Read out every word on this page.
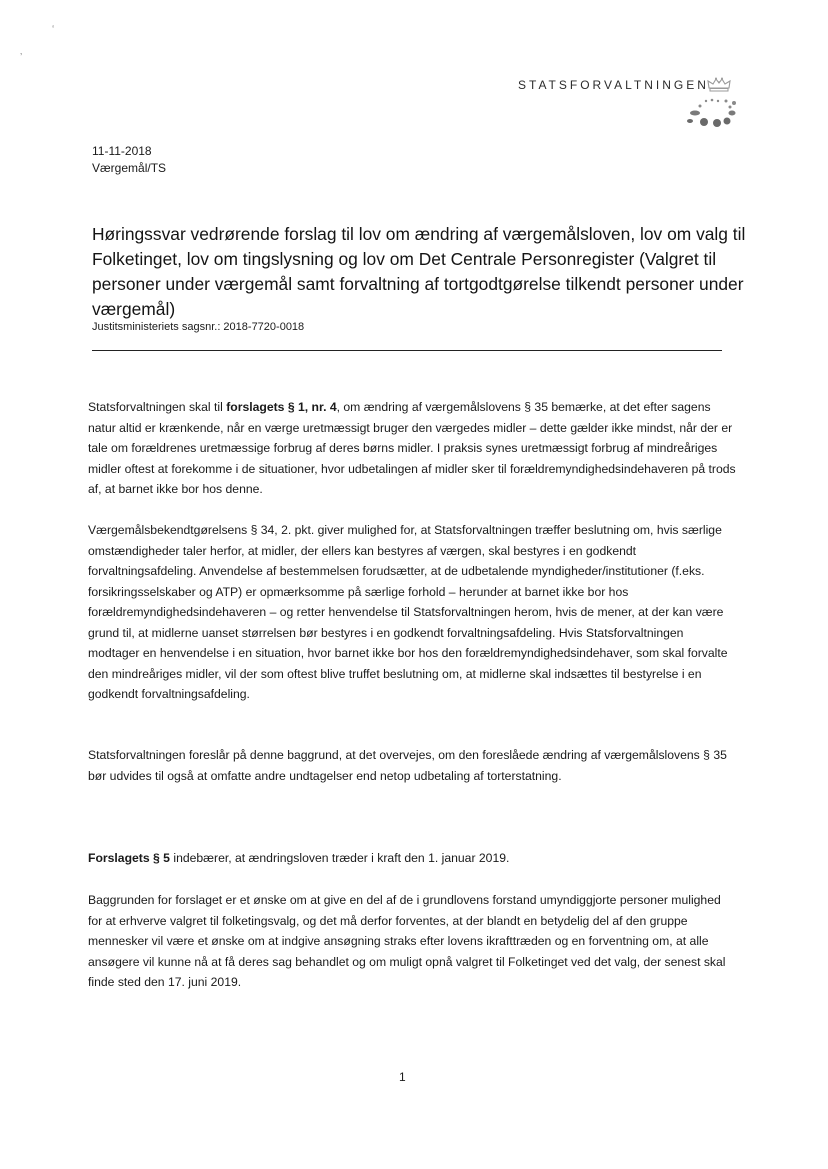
‘
’
STATSFORVALTNINGEN
11-11-2018
Værgemål/TS
Høringssvar vedrørende forslag til lov om ændring af værgemålsloven, lov om valg til Folketinget, lov om tingslysning og lov om Det Centrale Personregister (Valgret til personer under værgemål samt forvaltning af tortgodtgørelse tilkendt personer under værgemål)
Justitsministeriets sagsnr.: 2018-7720-0018

Statsforvaltningen skal til forslagets § 1, nr. 4, om ændring af værgemålslovens § 35 bemærke, at det efter sagens natur altid er krænkende, når en værge uretmæssigt bruger den værgedes midler – dette gælder ikke mindst, når der er tale om forældrenes uretmæssige forbrug af deres børns midler. I praksis synes uretmæssigt forbrug af mindreåriges midler oftest at forekomme i de situationer, hvor udbetalingen af midler sker til forældremyndighedsindehaveren på trods af, at barnet ikke bor hos denne.

Værgemålsbekendtgørelsens § 34, 2. pkt. giver mulighed for, at Statsforvaltningen træffer beslutning om, hvis særlige omstændigheder taler herfor, at midler, der ellers kan bestyres af værgen, skal bestyres i en godkendt forvaltningsafdeling. Anvendelse af bestemmelsen forudsætter, at de udbetalende myndigheder/institutioner (f.eks. forsikringsselskaber og ATP) er opmærksomme på særlige forhold – herunder at barnet ikke bor hos forældremyndighedsindehaveren – og retter henvendelse til Statsforvaltningen herom, hvis de mener, at der kan være grund til, at midlerne uanset størrelsen bør bestyres i en godkendt forvaltningsafdeling. Hvis Statsforvaltningen modtager en henvendelse i en situation, hvor barnet ikke bor hos den forældremyndighedsindehaver, som skal forvalte den mindreåriges midler, vil der som oftest blive truffet beslutning om, at midlerne skal indsættes til bestyrelse i en godkendt forvaltningsafdeling.

Statsforvaltningen foreslår på denne baggrund, at det overvejes, om den foreslåede ændring af værgemålslovens § 35 bør udvides til også at omfatte andre undtagelser end netop udbetaling af torterstatning.

Forslagets § 5 indebærer, at ændringsloven træder i kraft den 1. januar 2019.

Baggrunden for forslaget er et ønske om at give en del af de i grundlovens forstand umyndiggjorte personer mulighed for at erhverve valgret til folketingsvalg, og det må derfor forventes, at der blandt en betydelig del af den gruppe mennesker vil være et ønske om at indgive ansøgning straks efter lovens ikrafttræden og en forventning om, at alle ansøgere vil kunne nå at få deres sag behandlet og om muligt opnå valgret til Folketinget ved det valg, der senest skal finde sted den 17. juni 2019.

1
